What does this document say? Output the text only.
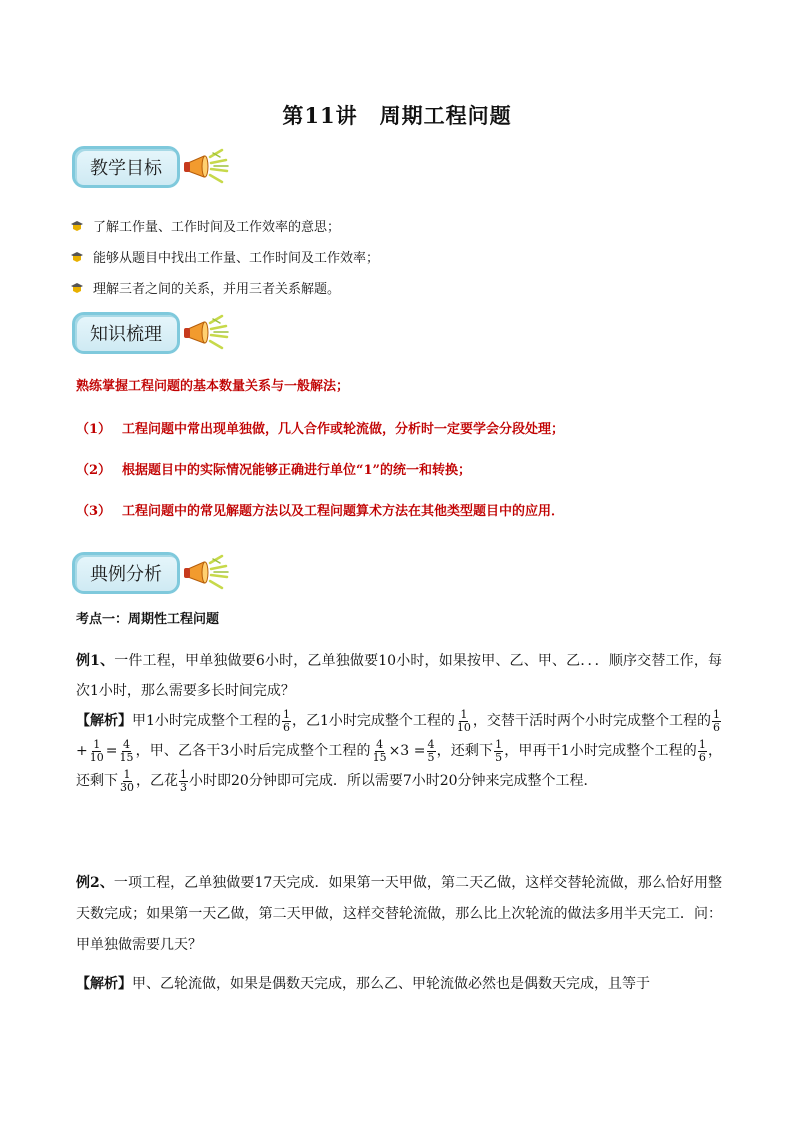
第11讲　周期工程问题
教学目标
了解工作量、工作时间及工作效率的意思；
能够从题目中找出工作量、工作时间及工作效率；
理解三者之间的关系，并用三者关系解题。
知识梳理
熟练掌握工程问题的基本数量关系与一般解法；
（1） 工程问题中常出现单独做，几人合作或轮流做，分析时一定要学会分段处理；
（2） 根据题目中的实际情况能够正确进行单位“1”的统一和转换；
（3） 工程问题中的常见解题方法以及工程问题算术方法在其他类型题目中的应用．
典例分析
考点一：周期性工程问题

例1、一件工程，甲单独做要6小时，乙单独做要10小时，如果按甲、乙、甲、乙．．．顺序交替工作，每次1小时，那么需要多长时间完成？

【解析】甲1小时完成整个工程的 $\frac{1}{6}$ ，乙1小时完成整个工程的 $\frac{1}{10}$ ，交替干活时两个小时完成整个工程的 $\frac{1}{6}$
+ $\frac{1}{10} = \frac{4}{15}$ ，甲、乙各干3小时后完成整个工程的 $\frac{4}{15} \times 3 = \frac{4}{5}$ ，还剩下 $\frac{1}{5}$ ，甲再干1小时完成整个工程的 $\frac{1}{6}$ ，还剩下 $\frac{1}{30}$ ，乙花 $\frac{1}{3}$ 小时即20分钟即可完成．所以需要7小时20分钟来完成整个工程．

例2、一项工程，乙单独做要17天完成．如果第一天甲做，第二天乙做，这样交替轮流做，那么恰好用整天数完成；如果第一天乙做，第二天甲做，这样交替轮流做，那么比上次轮流的做法多用半天完工．问：甲单独做需要几天？

【解析】甲、乙轮流做，如果是偶数天完成，那么乙、甲轮流做必然也是偶数天完成，且等于
